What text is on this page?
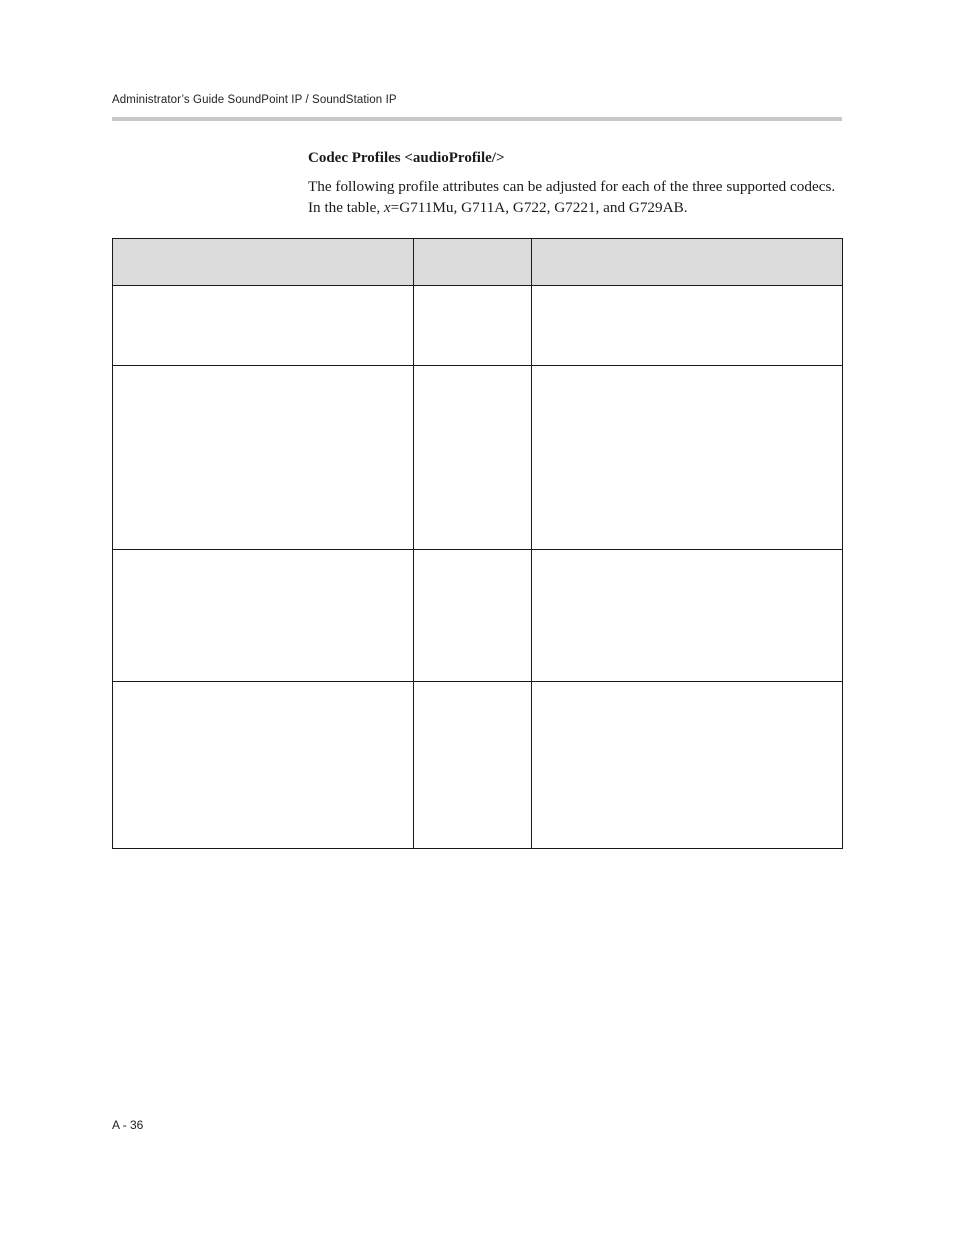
Administrator’s Guide SoundPoint IP / SoundStation IP
Codec Profiles <audioProfile/>
The following profile attributes can be adjusted for each of the three supported codecs. In the table, x=G711Mu, G711A, G722, G7221, and G729AB.

A - 36
